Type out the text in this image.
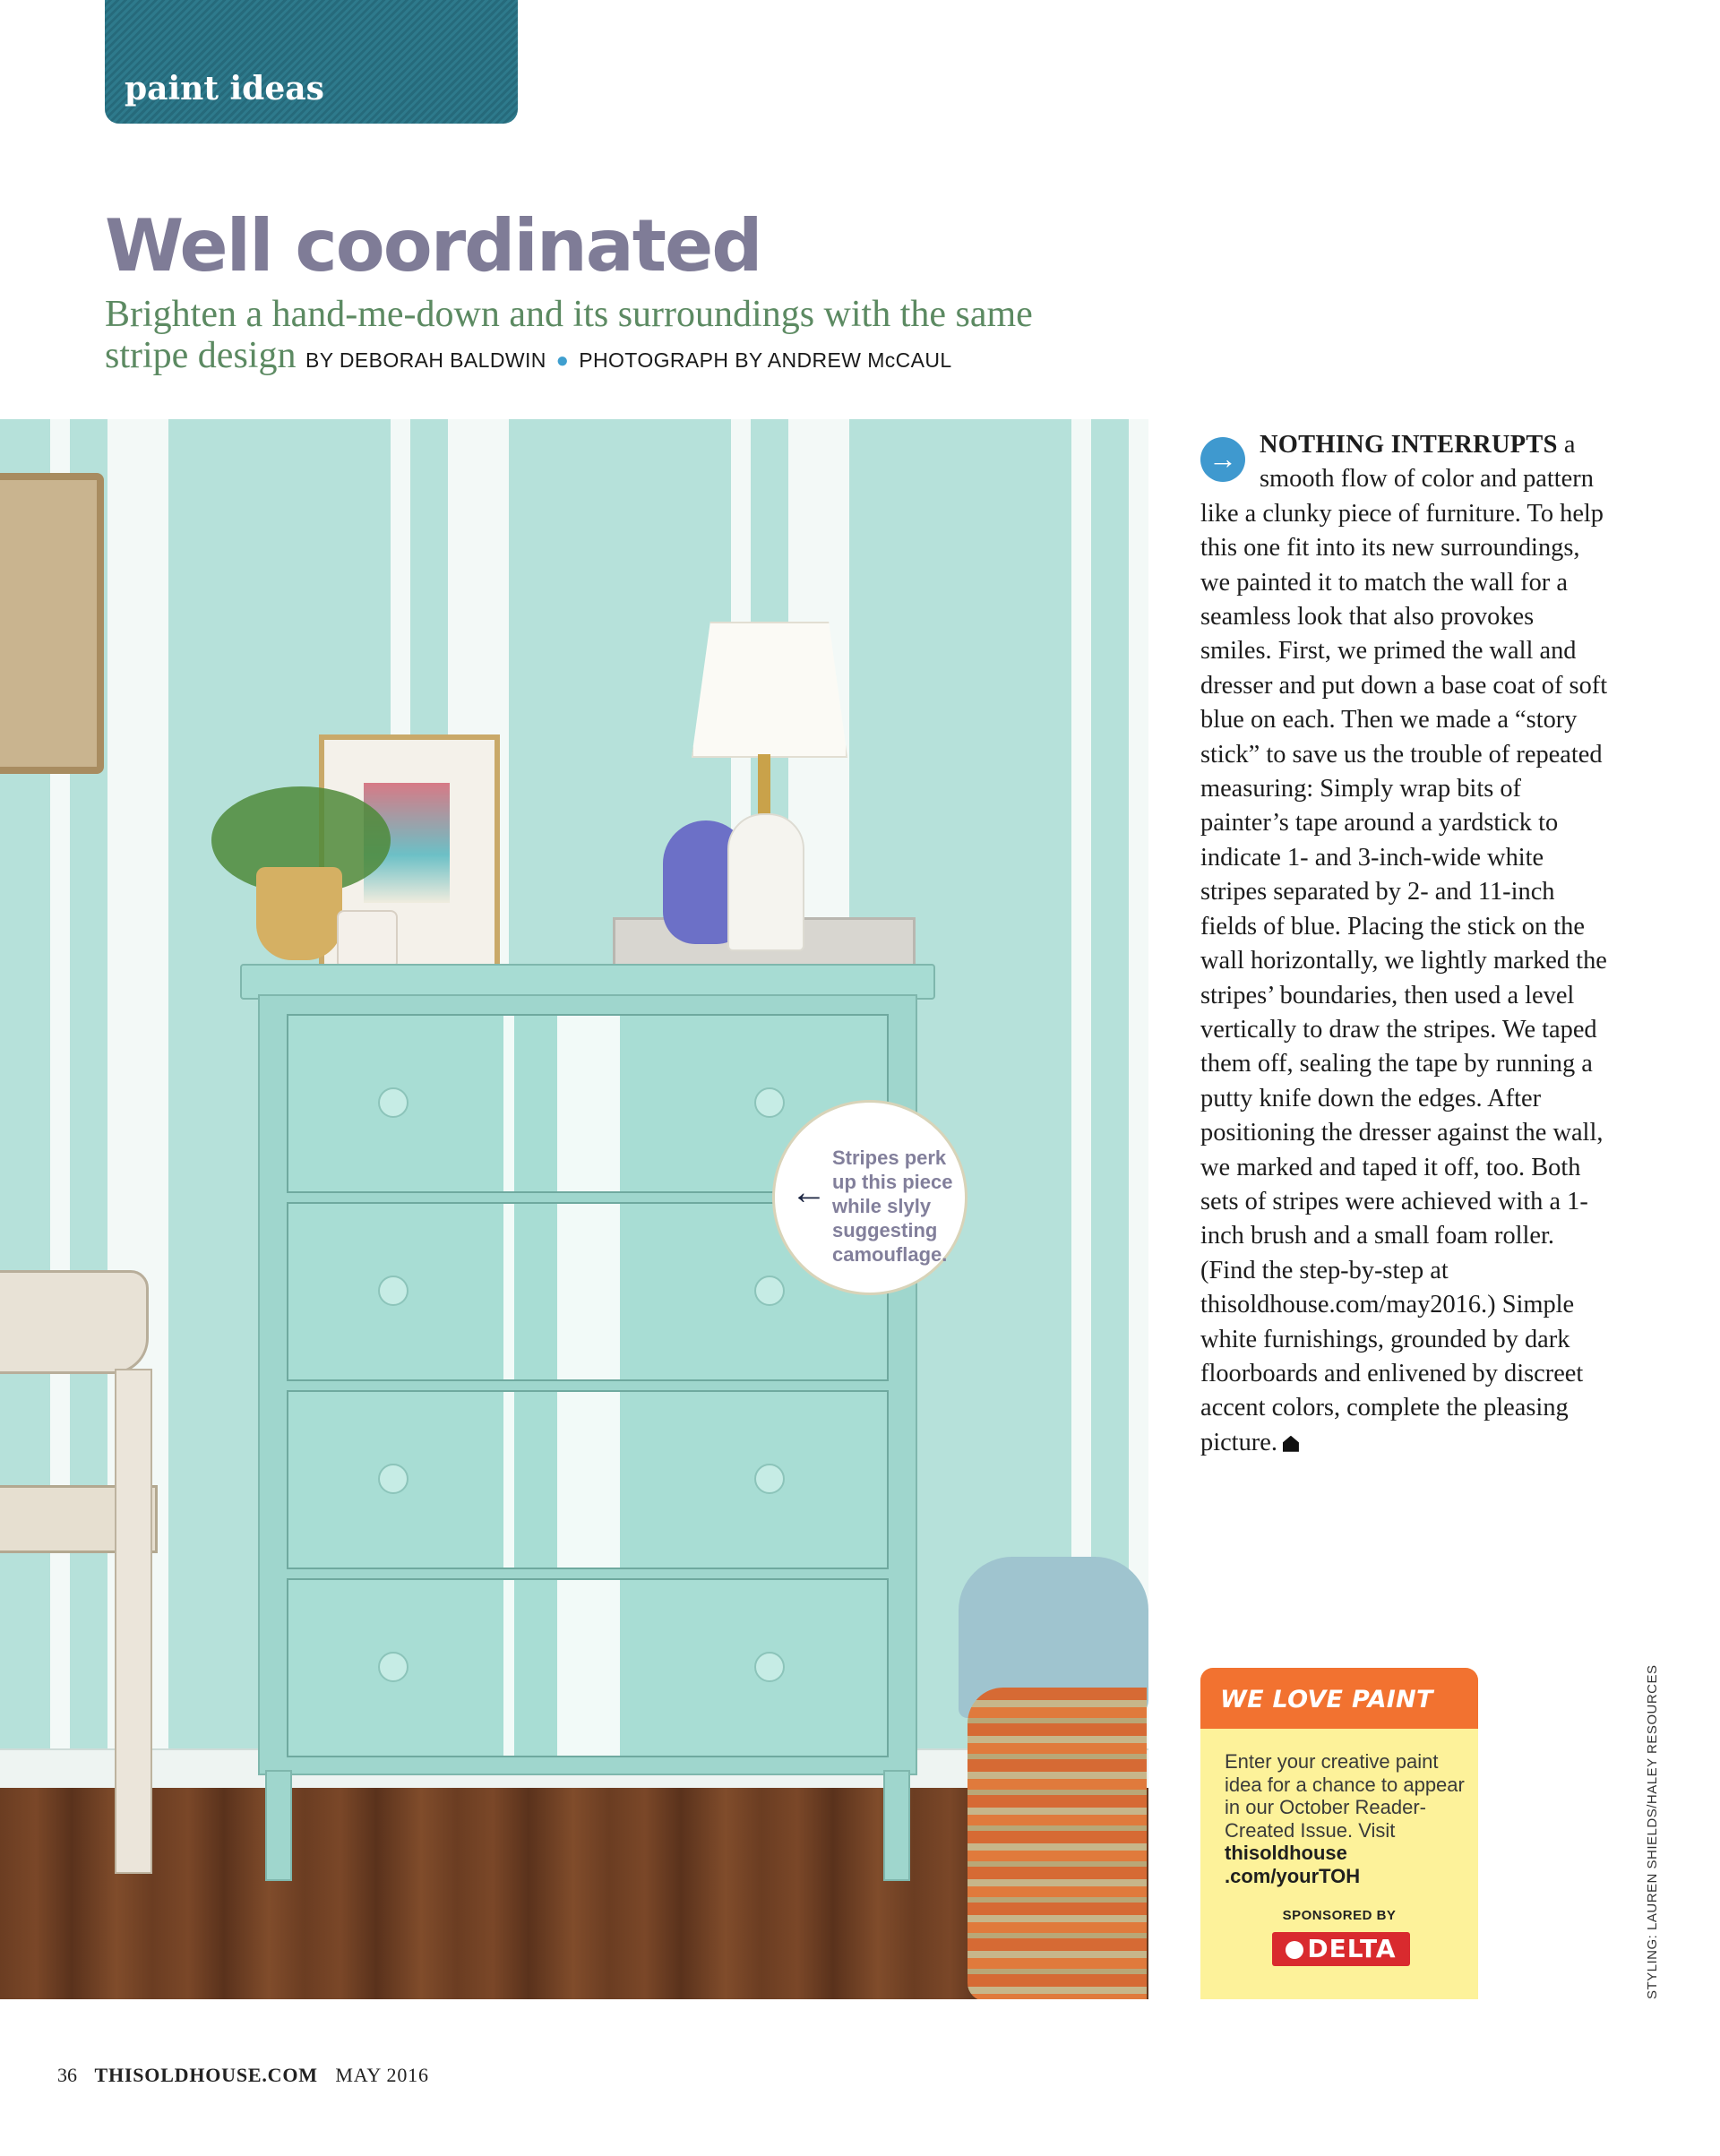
paint ideas
Well coordinated
Brighten a hand-me-down and its surroundings with the same stripe design BY DEBORAH BALDWIN ● PHOTOGRAPH BY ANDREW McCAUL
←
Stripes perk up this piece while slyly suggesting camouflage.
→ NOTHING INTERRUPTS a smooth flow of color and pattern like a clunky piece of furniture. To help this one fit into its new surroundings, we painted it to match the wall for a seamless look that also provokes smiles. First, we primed the wall and dresser and put down a base coat of soft blue on each. Then we made a “story stick” to save us the trouble of repeated measuring: Simply wrap bits of painter’s tape around a yardstick to indicate 1- and 3-inch-wide white stripes separated by 2- and 11-inch fields of blue. Placing the stick on the wall horizontally, we lightly marked the stripes’ boundaries, then used a level vertically to draw the stripes. We taped them off, sealing the tape by running a putty knife down the edges. After positioning the dresser against the wall, we marked and taped it off, too. Both sets of stripes were achieved with a 1-inch brush and a small foam roller. (Find the step-by-step at thisoldhouse.com/may2016.) Simple white furnishings, grounded by dark floorboards and enlivened by discreet accent colors, complete the pleasing picture.
WE LOVE PAINT
Enter your creative paint idea for a chance to appear in our October Reader-Created Issue. Visit thisoldhouse .com/yourTOH
SPONSORED BY
DELTA	STYLING: LAUREN SHIELDS/HALEY RESOURCES
36 THISOLDHOUSE.COM MAY 2016
